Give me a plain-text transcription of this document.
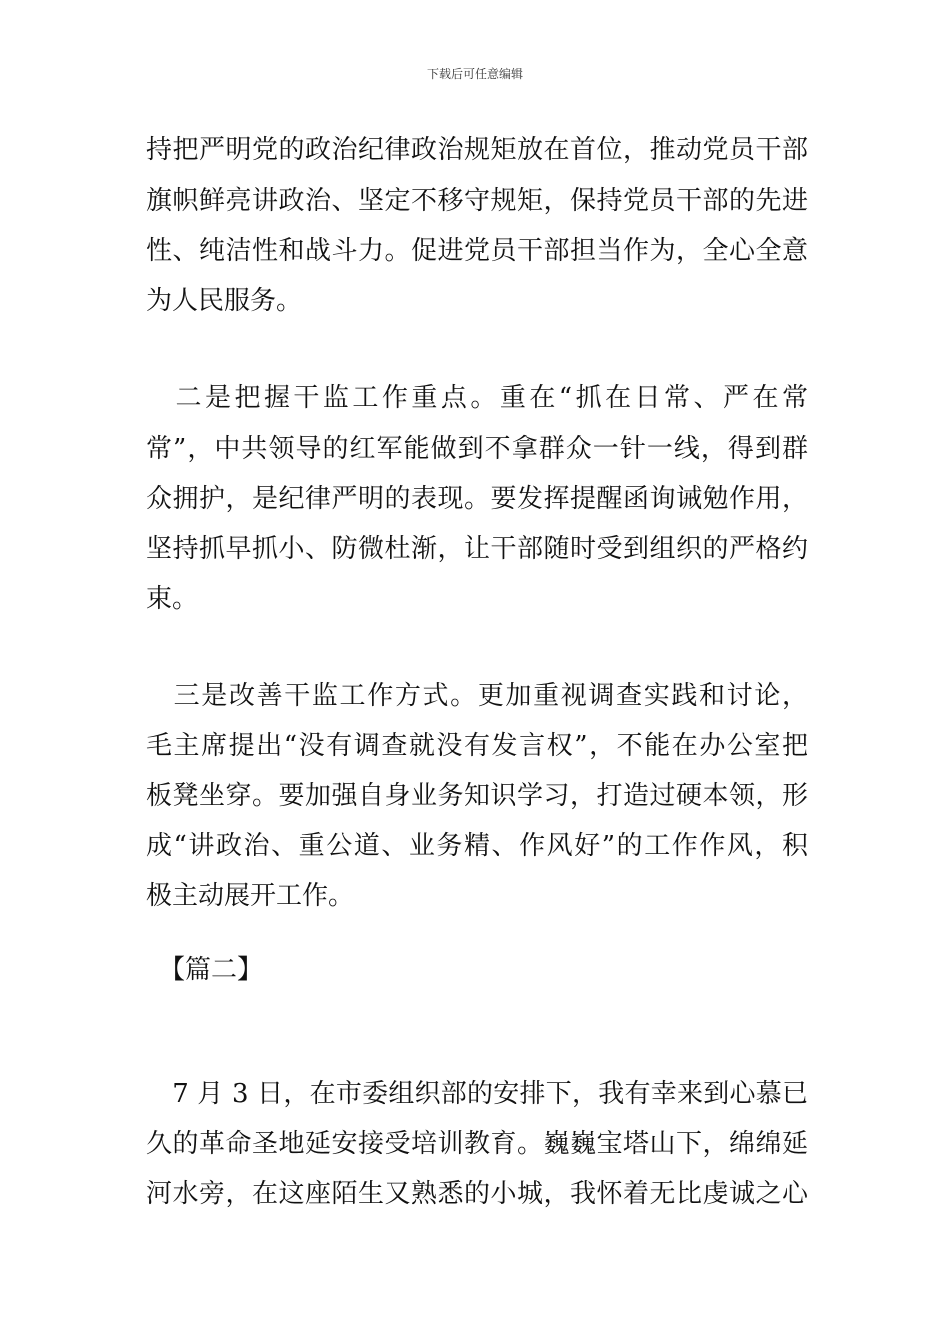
下载后可任意编辑
持把严明党的政治纪律政治规矩放在首位，推动党员干部
旗帜鲜亮讲政治、坚定不移守规矩，保持党员干部的先进
性、纯洁性和战斗力。促进党员干部担当作为，全心全意
为人民服务。
　二是把握干监工作重点。重在“抓在日常、严在常
常”，中共领导的红军能做到不拿群众一针一线，得到群
众拥护，是纪律严明的表现。要发挥提醒函询诫勉作用，
坚持抓早抓小、防微杜渐，让干部随时受到组织的严格约
束。
　三是改善干监工作方式。更加重视调查实践和讨论，
毛主席提出“没有调查就没有发言权”，不能在办公室把
板凳坐穿。要加强自身业务知识学习，打造过硬本领，形
成“讲政治、重公道、业务精、作风好”的工作作风，积
极主动展开工作。
　【篇二】
　7 月 3 日，在市委组织部的安排下，我有幸来到心慕已
久的革命圣地延安接受培训教育。巍巍宝塔山下，绵绵延
河水旁，在这座陌生又熟悉的小城，我怀着无比虔诚之心
